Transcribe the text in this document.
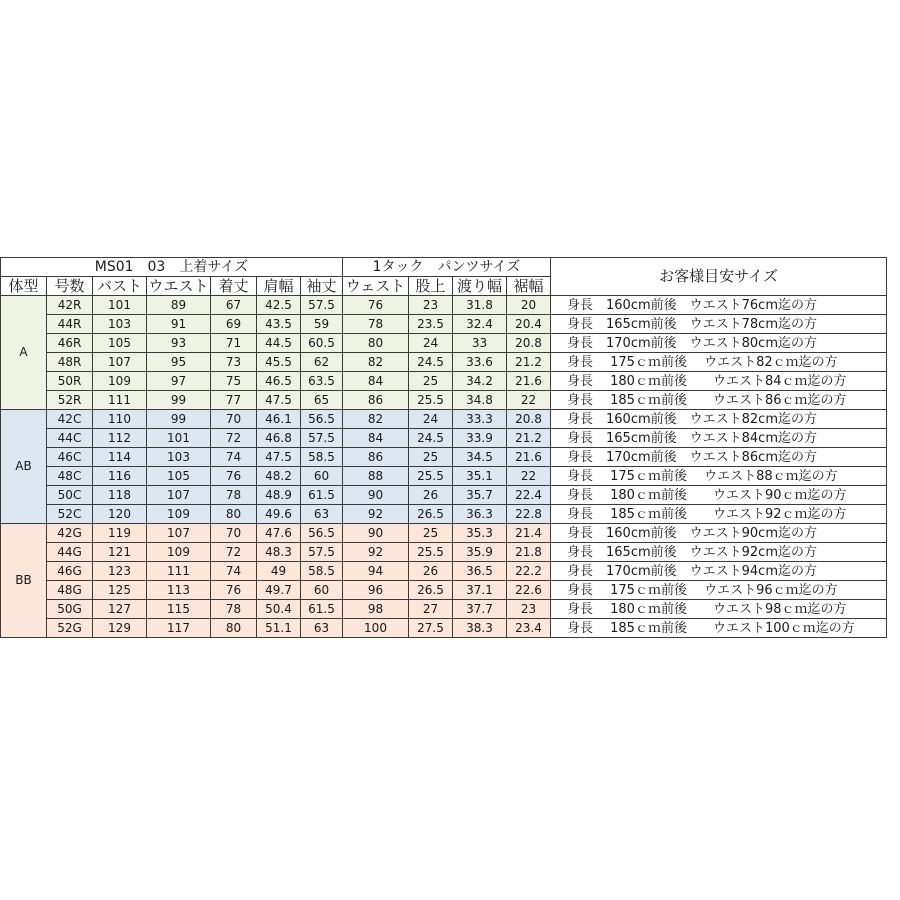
MS01　03　上着サイズ							1タック　パンツサイズ				お客様目安サイズ
体型	号数	バスト	ウエスト	着丈	肩幅	袖丈	ウェスト	股上	渡り幅	裾幅	
A	42R	101	89	67	42.5	57.5	76	23	31.8	20	身長　160cm前後　ウエスト76cm迄の方
	44R	103	91	69	43.5	59	78	23.5	32.4	20.4	身長　165cm前後　ウエスト78cm迄の方
	46R	105	93	71	44.5	60.5	80	24	33	20.8	身長　170cm前後　ウエスト80cm迄の方
	48R	107	95	73	45.5	62	82	24.5	33.6	21.2	身長　 175ｃｍ前後　 ウエスト82ｃｍ迄の方
	50R	109	97	75	46.5	63.5	84	25	34.2	21.6	身長　 180ｃｍ前後　　ウエスト84ｃｍ迄の方
	52R	111	99	77	47.5	65	86	25.5	34.8	22	身長　 185ｃｍ前後　　ウエスト86ｃｍ迄の方
AB	42C	110	99	70	46.1	56.5	82	24	33.3	20.8	身長　160cm前後　ウエスト82cm迄の方
	44C	112	101	72	46.8	57.5	84	24.5	33.9	21.2	身長　165cm前後　ウエスト84cm迄の方
	46C	114	103	74	47.5	58.5	86	25	34.5	21.6	身長　170cm前後　ウエスト86cm迄の方
	48C	116	105	76	48.2	60	88	25.5	35.1	22	身長　 175ｃｍ前後　 ウエスト88ｃｍ迄の方
	50C	118	107	78	48.9	61.5	90	26	35.7	22.4	身長　 180ｃｍ前後　　ウエスト90ｃｍ迄の方
	52C	120	109	80	49.6	63	92	26.5	36.3	22.8	身長　 185ｃｍ前後　　ウエスト92ｃｍ迄の方
BB	42G	119	107	70	47.6	56.5	90	25	35.3	21.4	身長　160cm前後　ウエスト90cm迄の方
	44G	121	109	72	48.3	57.5	92	25.5	35.9	21.8	身長　165cm前後　ウエスト92cm迄の方
	46G	123	111	74	49	58.5	94	26	36.5	22.2	身長　170cm前後　ウエスト94cm迄の方
	48G	125	113	76	49.7	60	96	26.5	37.1	22.6	身長　 175ｃｍ前後　 ウエスト96ｃｍ迄の方
	50G	127	115	78	50.4	61.5	98	27	37.7	23	身長　 180ｃｍ前後　　ウエスト98ｃｍ迄の方
	52G	129	117	80	51.1	63	100	27.5	38.3	23.4	身長　 185ｃｍ前後　　ウエスト100ｃｍ迄の方
